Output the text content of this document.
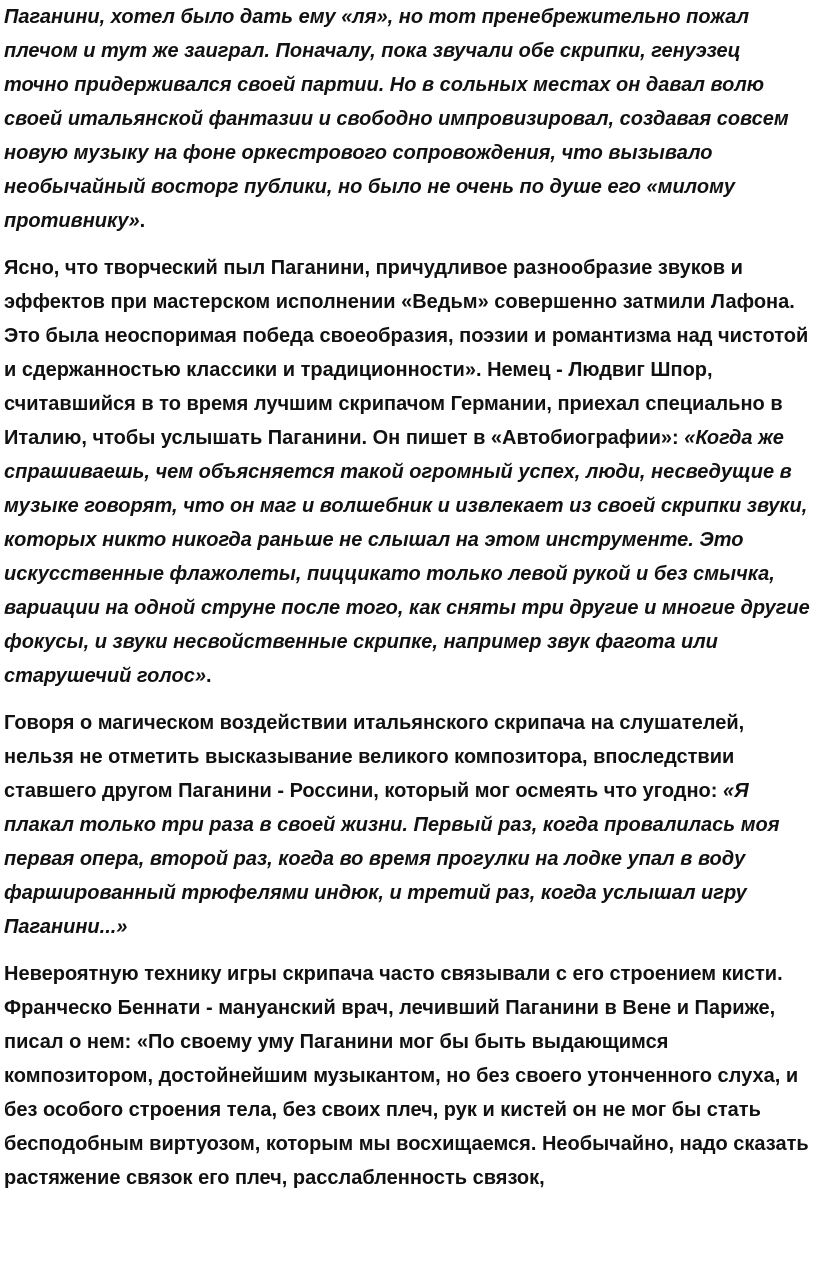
Паганини, хотел было дать ему «ля», но тот пренебрежительно пожал плечом и тут же заиграл. Поначалу, пока звучали обе скрипки, генуэзец точно придерживался своей партии. Но в сольных местах он давал волю своей итальянской фантазии и свободно импровизировал, создавая совсем новую музыку на фоне оркестрового сопровождения, что вызывало необычайный восторг публики, но было не очень по душе его «милому противнику».

Ясно, что творческий пыл Паганини, причудливое разнообразие звуков и эффектов при мастерском исполнении «Ведьм» совершенно затмили Лафона. Это была неоспоримая победа своеобразия, поэзии и романтизма над чистотой и сдержанностью классики и традиционности». Немец - Людвиг Шпор, считавшийся в то время лучшим скрипачом Германии, приехал специально в Италию, чтобы услышать Паганини. Он пишет в «Автобиографии»: «Когда же спрашиваешь, чем объясняется такой огромный успех, люди, несведущие в музыке говорят, что он маг и волшебник и извлекает из своей скрипки звуки, которых никто никогда раньше не слышал на этом инструменте. Это искусственные флажолеты, пиццикато только левой рукой и без смычка, вариации на одной струне после того, как сняты три другие и многие другие фокусы, и звуки несвойственные скрипке, например звук фагота или старушечий голос».

Говоря о магическом воздействии итальянского скрипача на слушателей, нельзя не отметить высказывание великого композитора, впоследствии ставшего другом Паганини - Россини, который мог осмеять что угодно: «Я плакал только три раза в своей жизни. Первый раз, когда провалилась моя первая опера, второй раз, когда во время прогулки на лодке упал в воду фаршированный трюфелями индюк, и третий раз, когда услышал игру Паганини...»

Невероятную технику игры скрипача часто связывали с его строением кисти. Франческо Беннати - мануанский врач, лечивший Паганини в Вене и Париже, писал о нем: «По своему уму Паганини мог бы быть выдающимся композитором, достойнейшим музыкантом, но без своего утонченного слуха, и без особого строения тела, без своих плеч, рук и кистей он не мог бы стать бесподобным виртуозом, которым мы восхищаемся. Необычайно, надо сказать растяжение связок его плеч, расслабленность связок,
